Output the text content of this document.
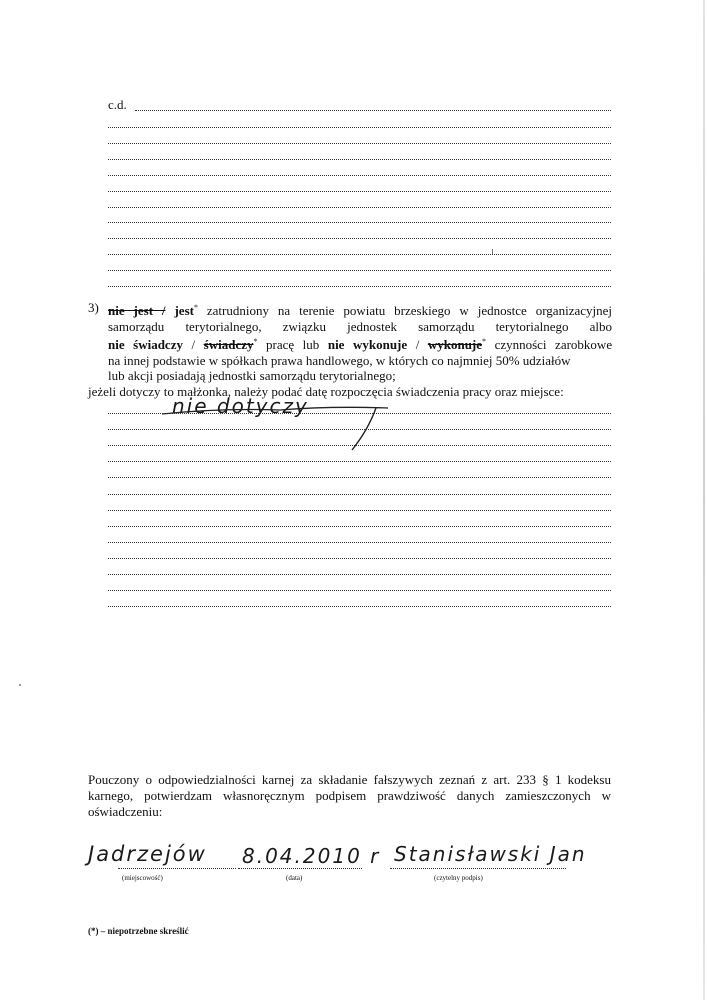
c.d.
3) nie jest / jest* zatrudniony na terenie powiatu brzeskiego w jednostce organizacyjnej
samorządu terytorialnego, związku jednostek samorządu terytorialnego albo
nie świadczy / świadczy* pracę lub nie wykonuje / wykonuje* czynności zarobkowe
na innej podstawie w spółkach prawa handlowego, w których co najmniej 50% udziałów
lub akcji posiadają jednostki samorządu terytorialnego;
jeżeli dotyczy to małżonka, należy podać datę rozpoczęcia świadczenia pracy oraz miejsce:
nie dotyczy

Pouczony o odpowiedzialności karnej za składanie fałszywych zeznań z art. 233 § 1 kodeksu karnego, potwierdzam własnoręcznym podpisem prawdziwość danych zamieszczonych w oświadczeniu:

Jadrzejów
(miejscowość)
8.04.2010 r
(data)
Stanisławski Jan
(czytelny podpis)
(*) – niepotrzebne skreślić
